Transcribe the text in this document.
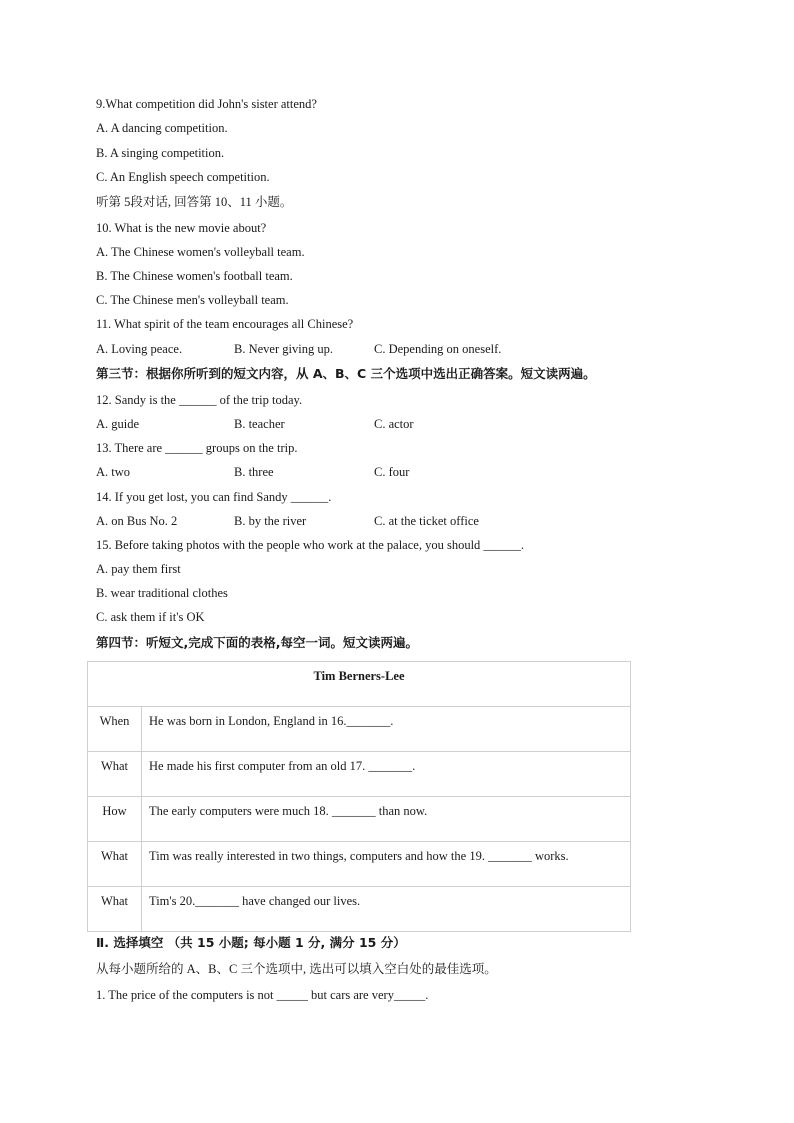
9.What competition did John's sister attend?
A. A dancing competition.
B. A singing competition.
C. An English speech competition.
听第 5段对话, 回答第 10、11 小题。
10. What is the new movie about?
A. The Chinese women's volleyball team.
B. The Chinese women's football team.
C. The Chinese men's volleyball team.
11. What spirit of the team encourages all Chinese?
A. Loving peace.	B. Never giving up.	C. Depending on oneself.
第三节：根据你所听到的短文内容，从 A、B、C 三个选项中选出正确答案。短文读两遍。
12. Sandy is the ______ of the trip today.
A. guide	B. teacher	C. actor
13. There are ______ groups on the trip.
A. two	B. three	C. four
14. If you get lost, you can find Sandy ______.
A. on Bus No. 2	B. by the river	C. at the ticket office
15. Before taking photos with the people who work at the palace, you should ______.
A. pay them first
B. wear traditional clothes
C. ask them if it's OK
第四节：听短文,完成下面的表格,每空一词。短文读两遍。
Tim Berners-Lee	
When	He was born in London, England in 16._______.
What	He made his first computer from an old 17. _______.
How	The early computers were much 18. _______ than now.
What	Tim was really interested in two things, computers and how the 19. _______ works.
What	Tim's 20._______ have changed our lives.
Ⅱ. 选择填空 （共 15 小题; 每小题 1 分, 满分 15 分）
从每小题所给的 A、B、C 三个选项中, 选出可以填入空白处的最佳选项。
1. The price of the computers is not _____ but cars are very_____.
